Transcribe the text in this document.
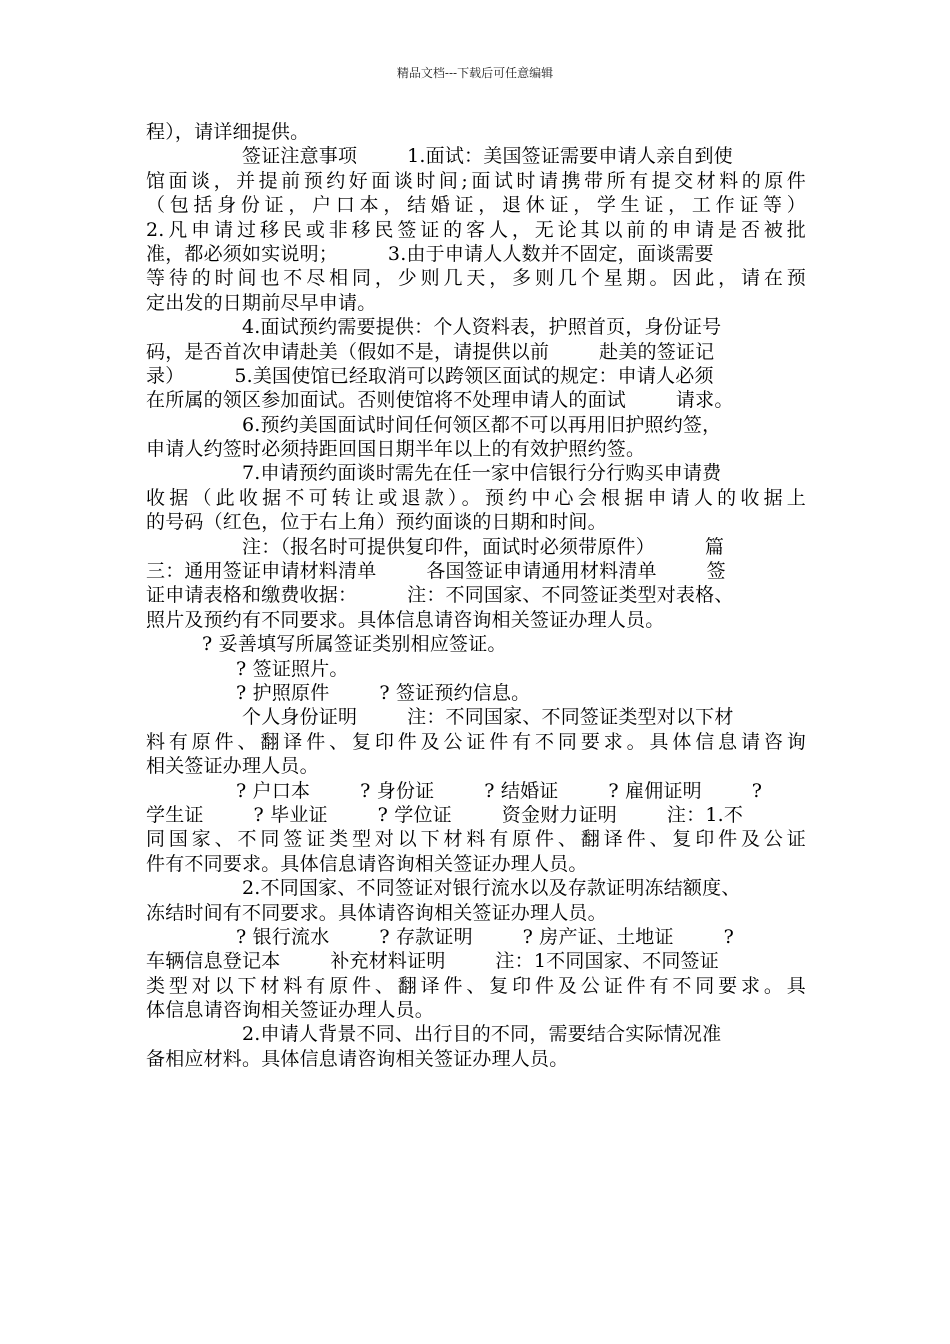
精品文档---下载后可任意编辑
程），请详细提供。
签证注意事项        1.面试：美国签证需要申请人亲自到使
馆面谈，并提前预约好面谈时间;面试时请携带所有提交材料的原件
（包括身份证，户口本，结婚证，退休证，学生证，工作证等）
2.凡申请过移民或非移民签证的客人，无论其以前的申请是否被批
准，都必须如实说明；        3.由于申请人人数并不固定，面谈需要
等待的时间也不尽相同，少则几天，多则几个星期。因此，请在预
定出发的日期前尽早申请。
4.面试预约需要提供：个人资料表，护照首页，身份证号
码，是否首次申请赴美（假如不是，请提供以前        赴美的签证记
录）        5.美国使馆已经取消可以跨领区面试的规定：申请人必须
在所属的领区参加面试。否则使馆将不处理申请人的面试        请求。
6.预约美国面试时间任何领区都不可以再用旧护照约签，
申请人约签时必须持距回国日期半年以上的有效护照约签。
7.申请预约面谈时需先在任一家中信银行分行购买申请费
收据（此收据不可转让或退款）。预约中心会根据申请人的收据上
的号码（红色，位于右上角）预约面谈的日期和时间。
注：（报名时可提供复印件，面试时必须带原件）        篇
三：通用签证申请材料清单        各国签证申请通用材料清单        签
证申请表格和缴费收据：        注：不同国家、不同签证类型对表格、
照片及预约有不同要求。具体信息请咨询相关签证办理人员。
? 妥善填写所属签证类别相应签证。
? 签证照片。
? 护照原件        ? 签证预约信息。
个人身份证明        注：不同国家、不同签证类型对以下材
料有原件、翻译件、复印件及公证件有不同要求。具体信息请咨询
相关签证办理人员。
? 户口本        ? 身份证        ? 结婚证        ? 雇佣证明        ?
学生证        ? 毕业证        ? 学位证        资金财力证明        注：1.不
同国家、不同签证类型对以下材料有原件、翻译件、复印件及公证
件有不同要求。具体信息请咨询相关签证办理人员。
2.不同国家、不同签证对银行流水以及存款证明冻结额度、
冻结时间有不同要求。具体请咨询相关签证办理人员。
? 银行流水        ? 存款证明        ? 房产证、土地证        ?
车辆信息登记本        补充材料证明        注：1不同国家、不同签证
类型对以下材料有原件、翻译件、复印件及公证件有不同要求。具
体信息请咨询相关签证办理人员。
2.申请人背景不同、出行目的不同，需要结合实际情况准
备相应材料。具体信息请咨询相关签证办理人员。
